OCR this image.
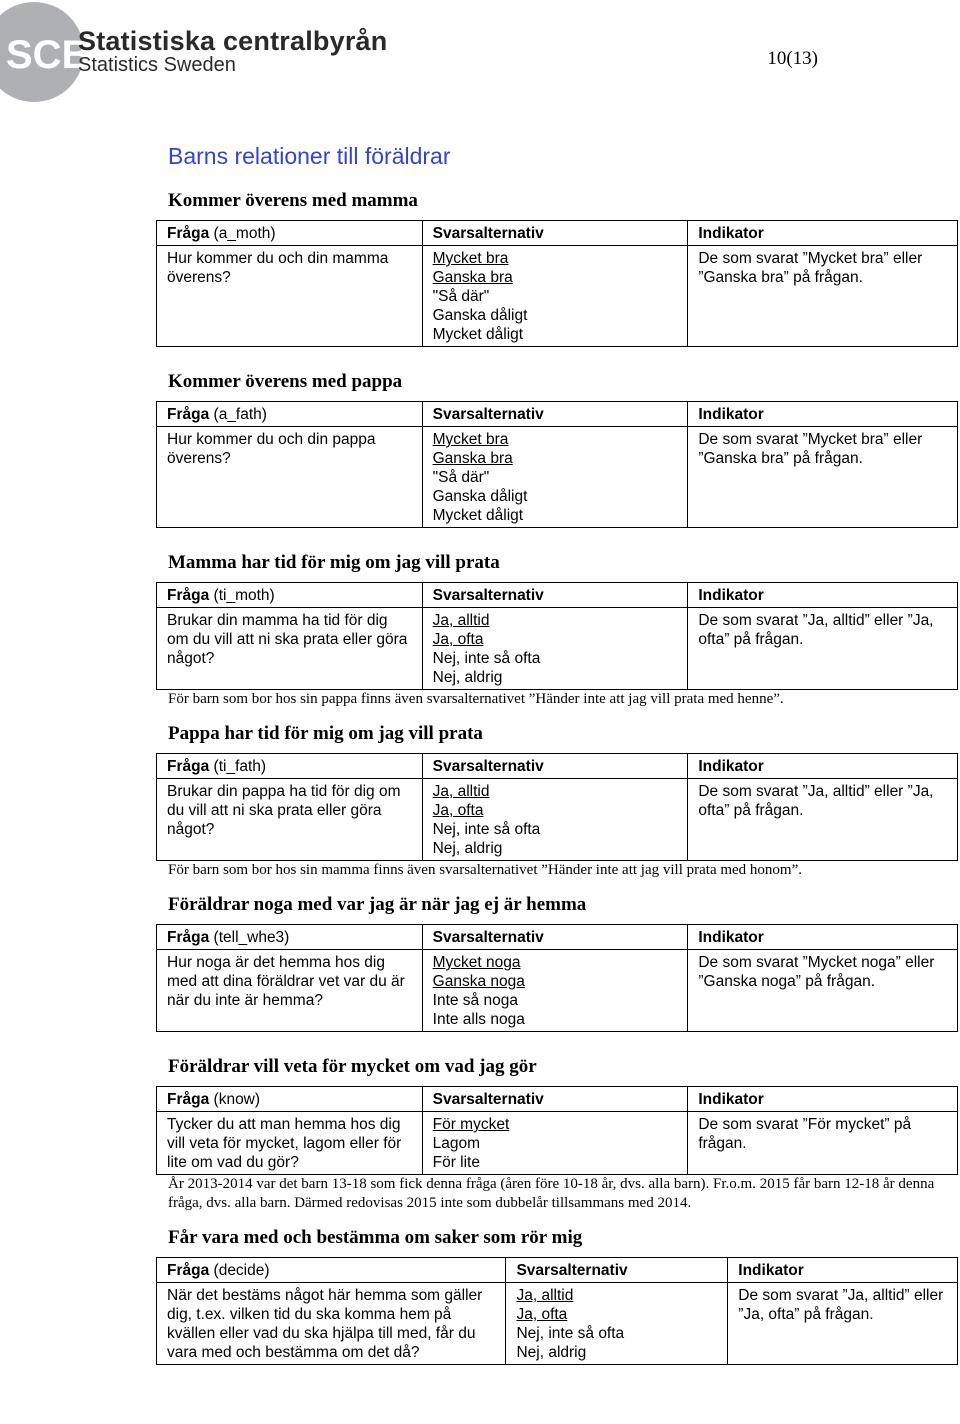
SCB
Statistiska centralbyrån
Statistics Sweden	10(13)
Barns relationer till föräldrar
Kommer överens med mamma
Fråga (a_moth)	Svarsalternativ	Indikator
Hur kommer du och din mamma överens?	Mycket bra
Ganska bra
"Så där"
Ganska dåligt
Mycket dåligt	De som svarat ”Mycket bra” eller ”Ganska bra” på frågan.
Kommer överens med pappa
Fråga (a_fath)	Svarsalternativ	Indikator
Hur kommer du och din pappa överens?	Mycket bra
Ganska bra
"Så där"
Ganska dåligt
Mycket dåligt	De som svarat ”Mycket bra” eller ”Ganska bra” på frågan.
Mamma har tid för mig om jag vill prata
Fråga (ti_moth)	Svarsalternativ	Indikator
Brukar din mamma ha tid för dig om du vill att ni ska prata eller göra något?	Ja, alltid
Ja, ofta
Nej, inte så ofta
Nej, aldrig	De som svarat ”Ja, alltid” eller ”Ja, ofta” på frågan.
För barn som bor hos sin pappa finns även svarsalternativet ”Händer inte att jag vill prata med henne”.
Pappa har tid för mig om jag vill prata
Fråga (ti_fath)	Svarsalternativ	Indikator
Brukar din pappa ha tid för dig om du vill att ni ska prata eller göra något?	Ja, alltid
Ja, ofta
Nej, inte så ofta
Nej, aldrig	De som svarat ”Ja, alltid” eller ”Ja, ofta” på frågan.
För barn som bor hos sin mamma finns även svarsalternativet ”Händer inte att jag vill prata med honom”.
Föräldrar noga med var jag är när jag ej är hemma
Fråga (tell_whe3)	Svarsalternativ	Indikator
Hur noga är det hemma hos dig med att dina föräldrar vet var du är när du inte är hemma?	Mycket noga
Ganska noga
Inte så noga
Inte alls noga	De som svarat ”Mycket noga” eller ”Ganska noga” på frågan.
Föräldrar vill veta för mycket om vad jag gör
Fråga (know)	Svarsalternativ	Indikator
Tycker du att man hemma hos dig vill veta för mycket, lagom eller för lite om vad du gör?	För mycket
Lagom
För lite	De som svarat ”För mycket” på frågan.
År 2013-2014 var det barn 13-18 som fick denna fråga (åren före 10-18 år, dvs. alla barn). Fr.o.m. 2015 får barn 12-18 år denna fråga, dvs. alla barn. Därmed redovisas 2015 inte som dubbelår tillsammans med 2014.
Får vara med och bestämma om saker som rör mig
Fråga (decide)	Svarsalternativ	Indikator
När det bestäms något här hemma som gäller dig, t.ex. vilken tid du ska komma hem på kvällen eller vad du ska hjälpa till med, får du vara med och bestämma om det då?	Ja, alltid
Ja, ofta
Nej, inte så ofta
Nej, aldrig	De som svarat ”Ja, alltid” eller ”Ja, ofta” på frågan.
